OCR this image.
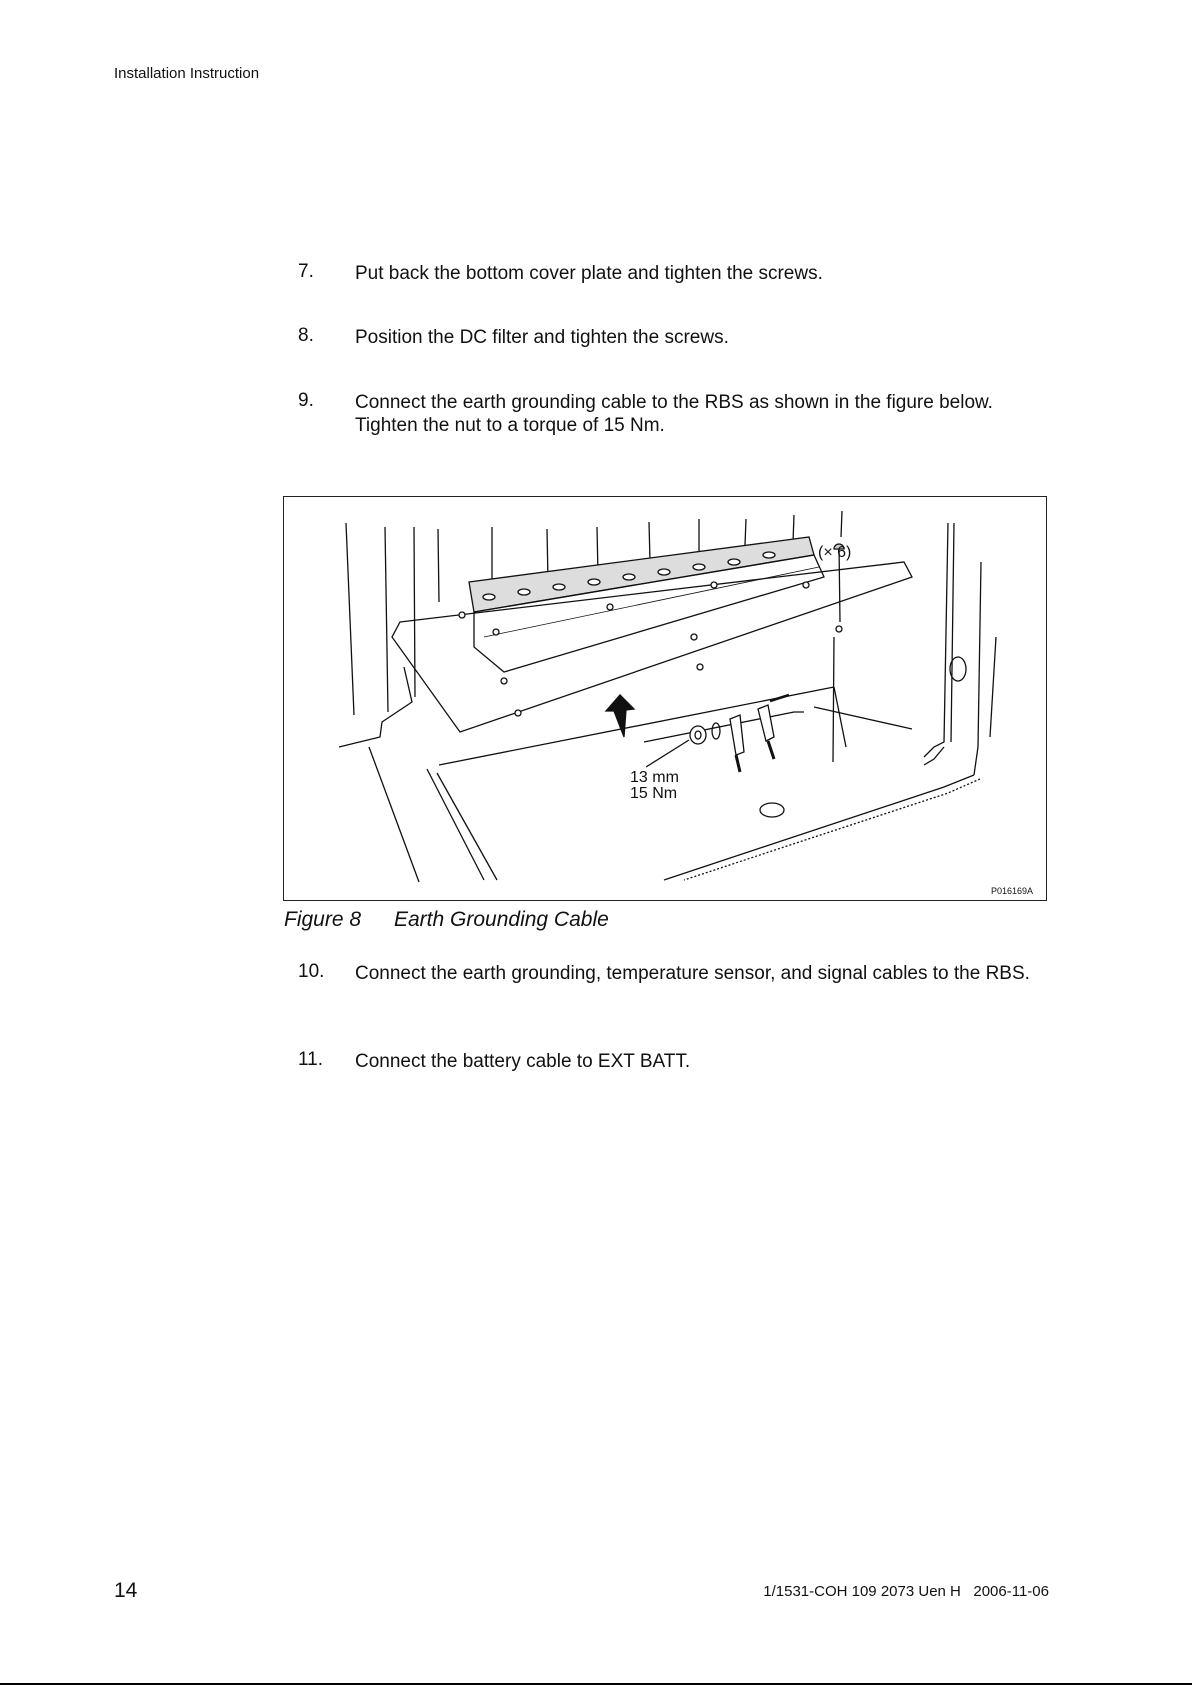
Installation Instruction
7. Put back the bottom cover plate and tighten the screws.
8. Position the DC filter and tighten the screws.
9. Connect the earth grounding cable to the RBS as shown in the figure below. Tighten the nut to a torque of 15 Nm.
(× 6)
13 mm
15 Nm
P016169A
Figure 8 Earth Grounding Cable
10. Connect the earth grounding, temperature sensor, and signal cables to the RBS.
11. Connect the battery cable to EXT BATT.
14	1/1531-COH 109 2073 Uen H   2006-11-06
